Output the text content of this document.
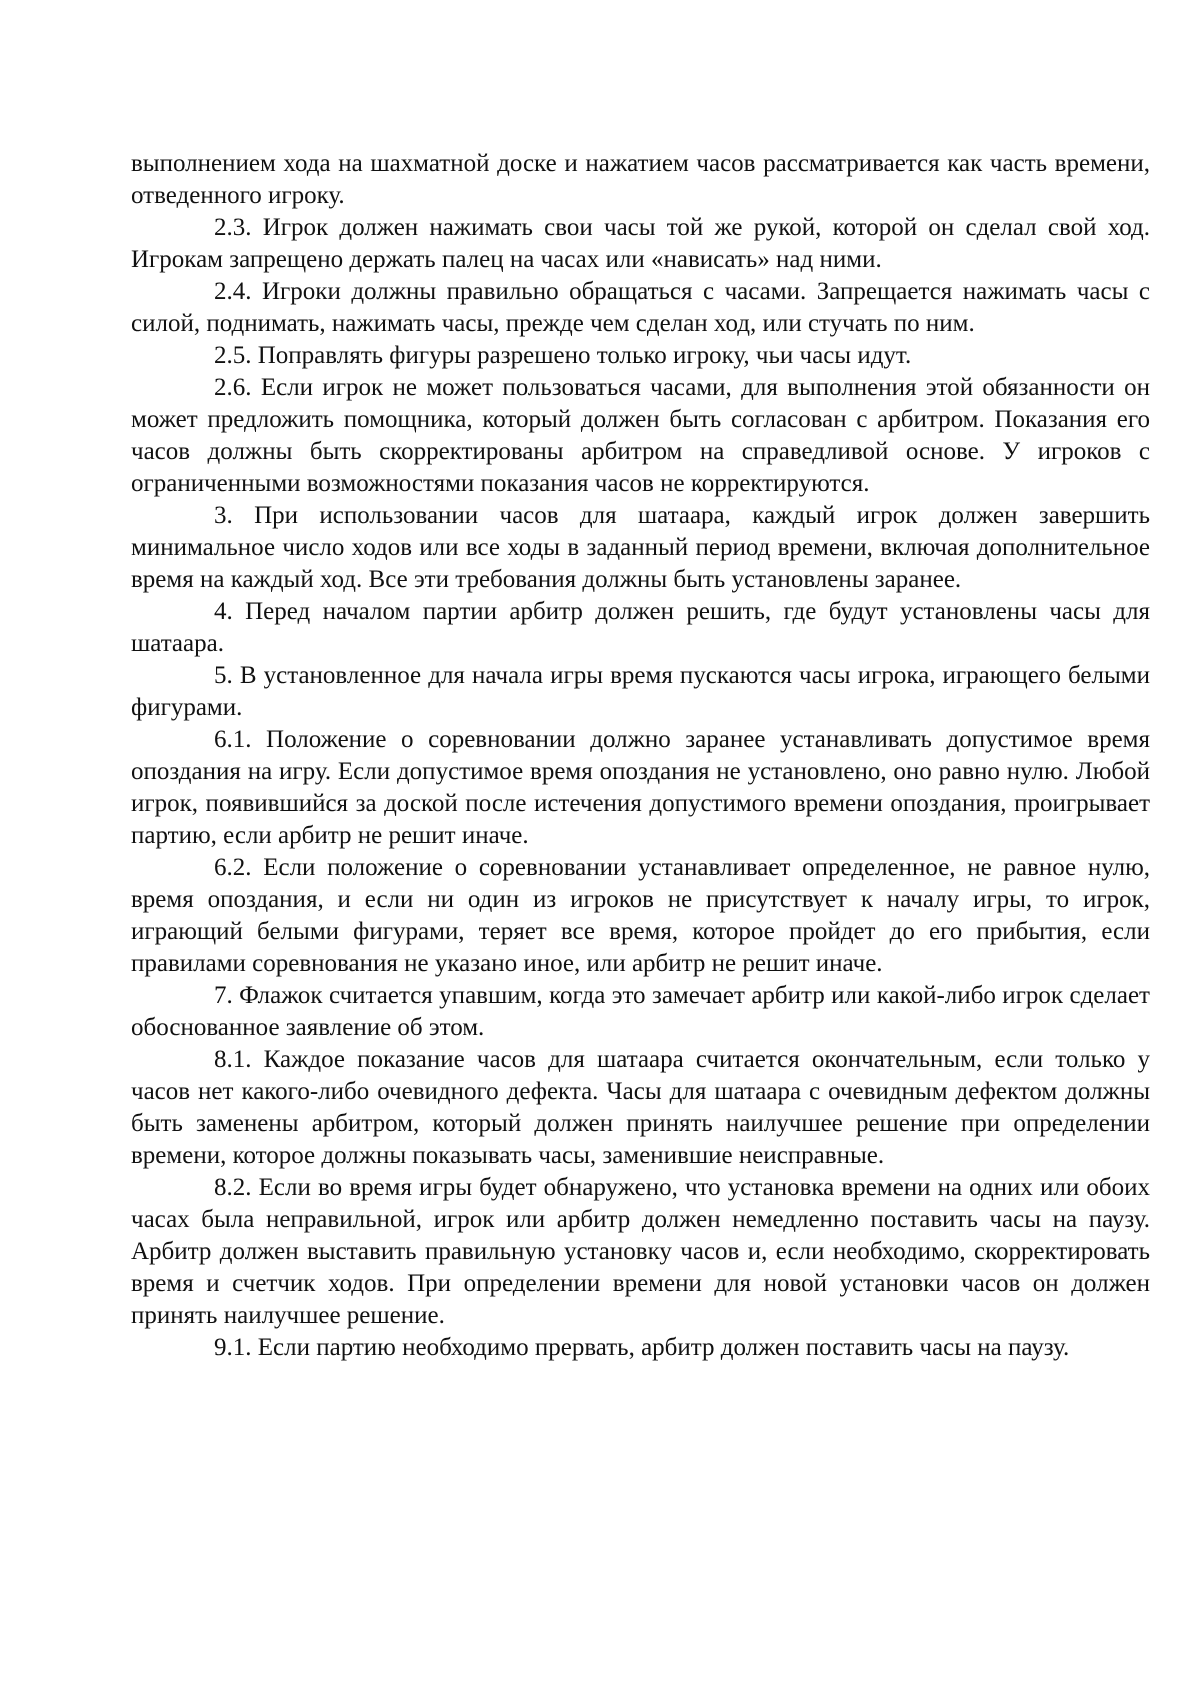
выполнением хода на шахматной доске и нажатием часов рассматривается как часть времени, отведенного игроку.

2.3. Игрок должен нажимать свои часы той же рукой, которой он сделал свой ход. Игрокам запрещено держать палец на часах или «нависать» над ними.

2.4. Игроки должны правильно обращаться с часами. Запрещается нажимать часы с силой, поднимать, нажимать часы, прежде чем сделан ход, или стучать по ним.

2.5. Поправлять фигуры разрешено только игроку, чьи часы идут.

2.6. Если игрок не может пользоваться часами, для выполнения этой обязанности он может предложить помощника, который должен быть согласован с арбитром. Показания его часов должны быть скорректированы арбитром на справедливой основе. У игроков с ограниченными возможностями показания часов не корректируются.

3. При использовании часов для шатаара, каждый игрок должен завершить минимальное число ходов или все ходы в заданный период времени, включая дополнительное время на каждый ход. Все эти требования должны быть установлены заранее.

4. Перед началом партии арбитр должен решить, где будут установлены часы для шатаара.

5. В установленное для начала игры время пускаются часы игрока, играющего белыми фигурами.

6.1. Положение о соревновании должно заранее устанавливать допустимое время опоздания на игру. Если допустимое время опоздания не установлено, оно равно нулю. Любой игрок, появившийся за доской после истечения допустимого времени опоздания, проигрывает партию, если арбитр не решит иначе.

6.2. Если положение о соревновании устанавливает определенное, не равное нулю, время опоздания, и если ни один из игроков не присутствует к началу игры, то игрок, играющий белыми фигурами, теряет все время, которое пройдет до его прибытия, если правилами соревнования не указано иное, или арбитр не решит иначе.

7. Флажок считается упавшим, когда это замечает арбитр или какой-либо игрок сделает обоснованное заявление об этом.

8.1. Каждое показание часов для шатаара считается окончательным, если только у часов нет какого-либо очевидного дефекта. Часы для шатаара с очевидным дефектом должны быть заменены арбитром, который должен принять наилучшее решение при определении времени, которое должны показывать часы, заменившие неисправные.

8.2. Если во время игры будет обнаружено, что установка времени на одних или обоих часах была неправильной, игрок или арбитр должен немедленно поставить часы на паузу. Арбитр должен выставить правильную установку часов и, если необходимо, скорректировать время и счетчик ходов. При определении времени для новой установки часов он должен принять наилучшее решение.

9.1. Если партию необходимо прервать, арбитр должен поставить часы на паузу.
